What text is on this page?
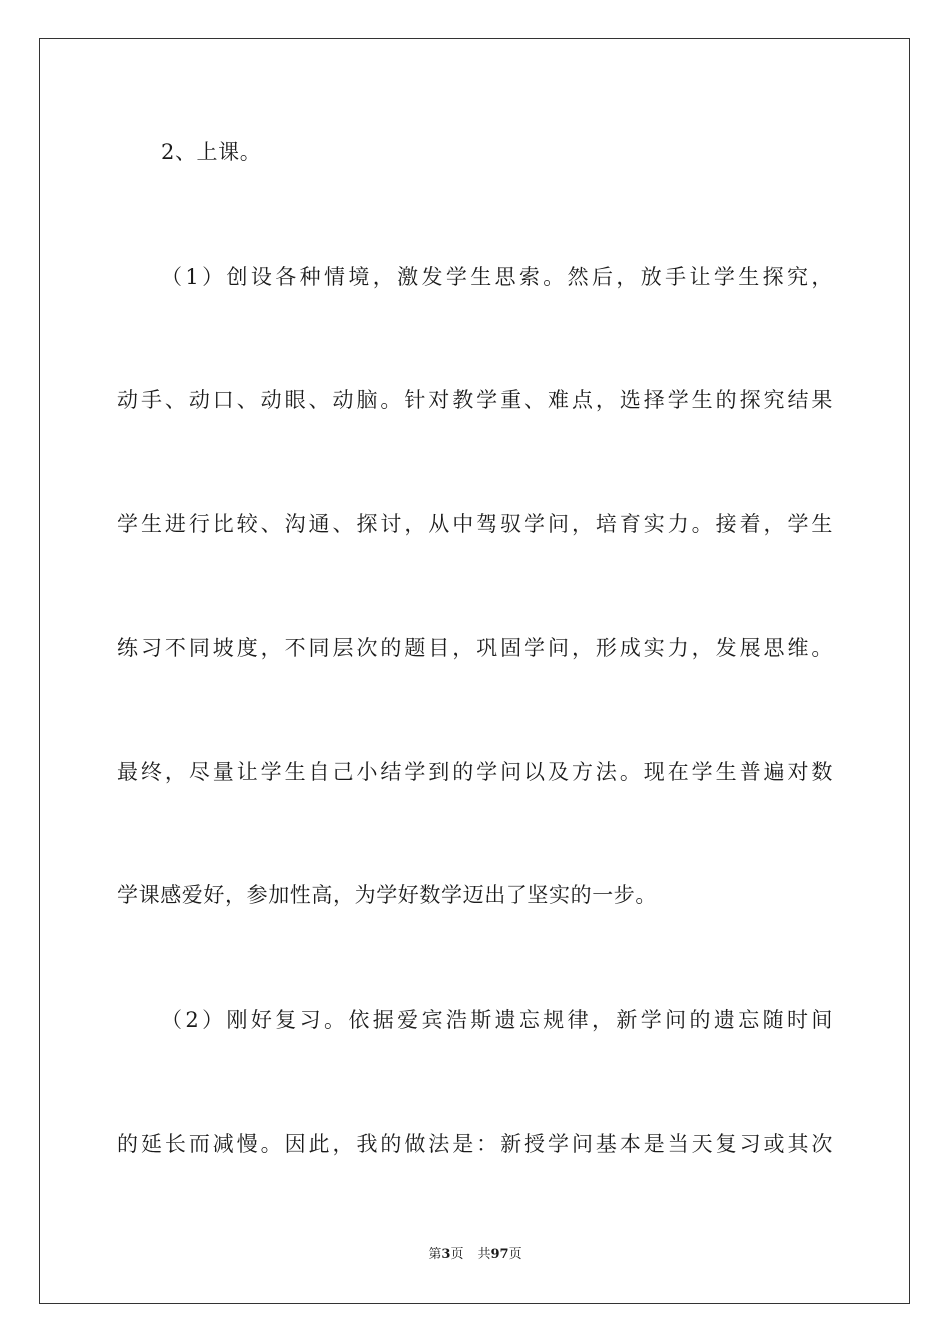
2、上课。
（1）创设各种情境，激发学生思索。然后，放手让学生探究，
动手、动口、动眼、动脑。针对教学重、难点，选择学生的探究结果
学生进行比较、沟通、探讨，从中驾驭学问，培育实力。接着，学生
练习不同坡度，不同层次的题目，巩固学问，形成实力，发展思维。
最终，尽量让学生自己小结学到的学问以及方法。现在学生普遍对数
学课感爱好，参加性高，为学好数学迈出了坚实的一步。
（2）刚好复习。依据爱宾浩斯遗忘规律，新学问的遗忘随时间
的延长而减慢。因此，我的做法是：新授学问基本是当天复习或其次
第3页 共97页
